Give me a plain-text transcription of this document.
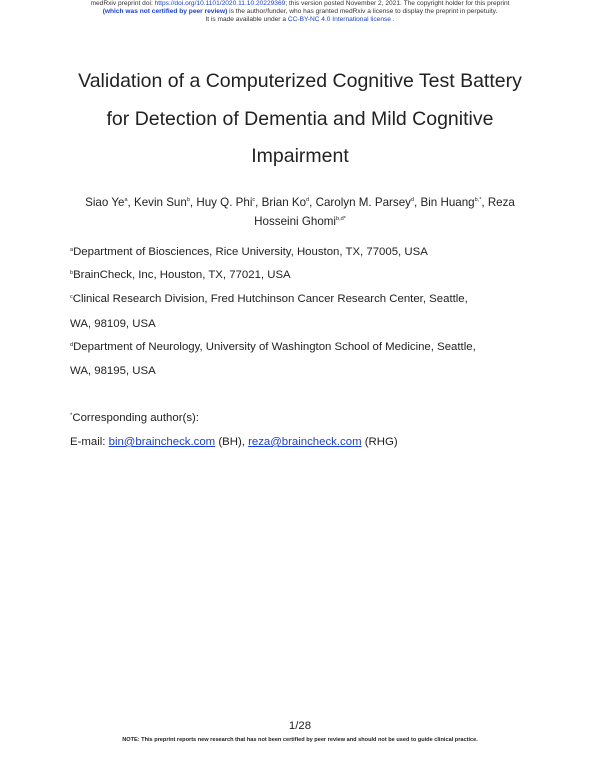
medRxiv preprint doi: https://doi.org/10.1101/2020.11.10.20229369; this version posted November 2, 2021. The copyright holder for this preprint
(which was not certified by peer review) is the author/funder, who has granted medRxiv a license to display the preprint in perpetuity.
It is made available under a CC-BY-NC 4.0 International license .
Validation of a Computerized Cognitive Test Battery
for Detection of Dementia and Mild Cognitive
Impairment
Siao Ye$^a$, Kevin Sun$^b$, Huy Q. Phi$^c$, Brian Ko$^d$, Carolyn M. Parsey$^d$, Bin Huang$^{b,*}$, Reza
Hosseini Ghomi$^{b,d*}$
$^a$Department of Biosciences, Rice University, Houston, TX, 77005, USA
$^b$BrainCheck, Inc, Houston, TX, 77021, USA
$^c$Clinical Research Division, Fred Hutchinson Cancer Research Center, Seattle,
WA, 98109, USA
$^d$Department of Neurology, University of Washington School of Medicine, Seattle,
WA, 98195, USA
*Corresponding author(s):
E-mail: bin@braincheck.com (BH), reza@braincheck.com (RHG)
1/28
NOTE: This preprint reports new research that has not been certified by peer review and should not be used to guide clinical practice.
